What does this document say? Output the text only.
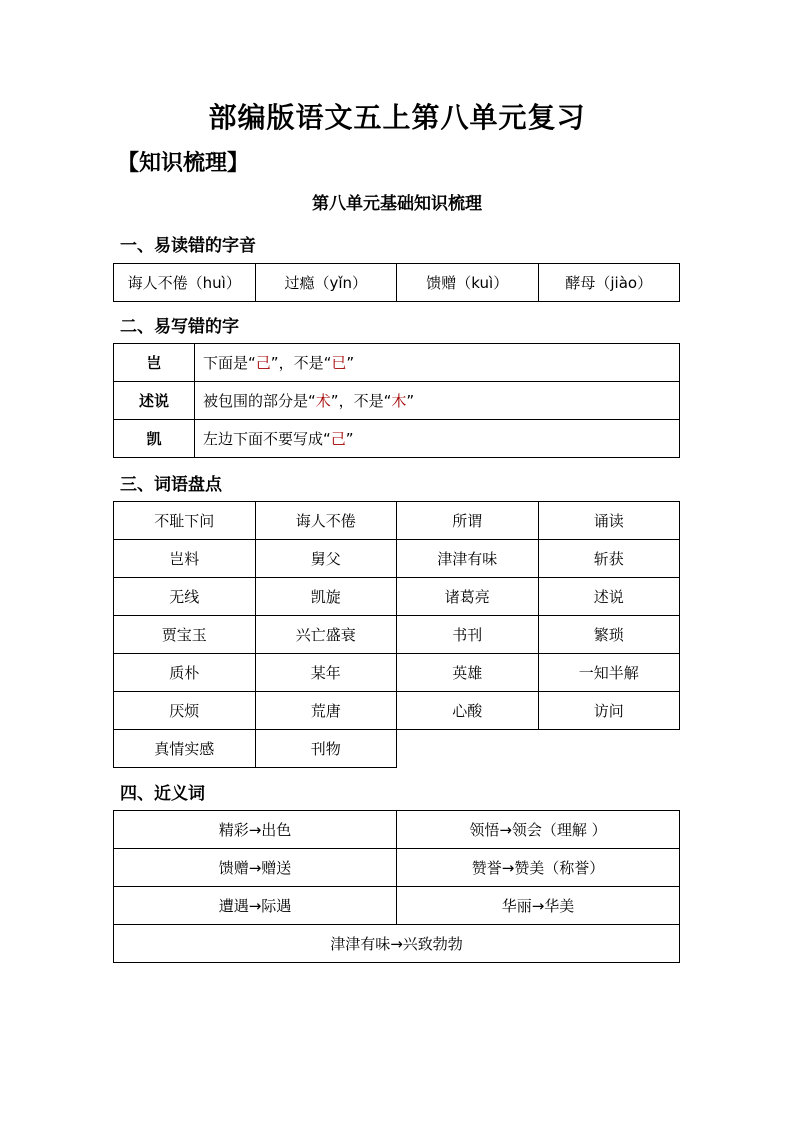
部编版语文五上第八单元复习
【知识梳理】
第八单元基础知识梳理
一、易读错的字音
诲人不倦（huì）	过瘾（yǐn）	馈赠（kuì）	酵母（jiào）
二、易写错的字
岂	下面是“己”，不是“已”
述说	被包围的部分是“术”，不是“木”
凯	左边下面不要写成“己”
三、词语盘点
不耻下问	诲人不倦	所谓	诵读
岂料	舅父	津津有味	斩获
无线	凯旋	诸葛亮	述说
贾宝玉	兴亡盛衰	书刊	繁琐
质朴	某年	英雄	一知半解
厌烦	荒唐	心酸	访问
真情实感	刊物		
四、近义词
精彩→出色	领悟→领会（理解 ）
馈赠→赠送	赞誉→赞美（称誉）
遭遇→际遇	华丽→华美
津津有味→兴致勃勃	
